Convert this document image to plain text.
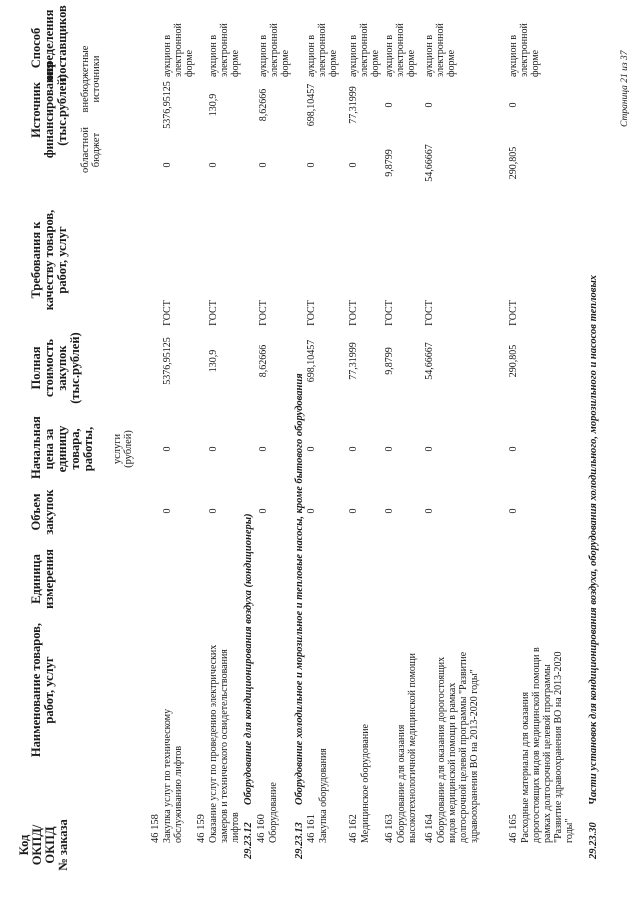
Код ОКПД/ ОКПД № заказа
Наименование товаров, работ, услуг
Единица измерения
Объем закупок
Начальная цена за единицу товара, работы, услуги (рублей)
Полная стоимость закупок (тыс.рублей)
Требования к качеству товаров, работ, услуг
Источник финансирования (тыс.рублей)
областной бюджет
внебюджетные источники
Способ определения поставщиков
46 158 Закупка услуг по техническому обслуживанию лифтов
0
0
5376,95125
ГОСТ
0
5376,95125
аукцион в электронной форме
46 159 Оказание услуг по проведению электрических замеров и технического освидетельствования лифтов
0
0
130,9
ГОСТ
0
130,9
аукцион в электронной форме
29.23.12
Оборудование для кондиционирования воздуха (кондиционеры)
46 160 Оборудование
0
0
8,62666
ГОСТ
0
8,62666
аукцион в электронной форме
29.23.13
Оборудование холодильное и морозильное и тепловые насосы, кроме бытового оборудования
46 161 Закупка оборудования
0
0
698,10457
ГОСТ
0
698,10457
аукцион в электронной форме
46 162 Медицинское оборудование
0
0
77,31999
ГОСТ
0
77,31999
аукцион в электронной форме
46 163 Оборудование для оказания высокотехнологичной медицинской помощи
0
0
9,8799
ГОСТ
9,8799
0
аукцион в электронной форме
46 164 Оборудование для оказания дорогостоящих видов медицинской помощи в рамках долгосрочной целевой программы "Развитие здравоохранения ВО на 2013-2020 годы"
0
0
54,66667
ГОСТ
54,66667
0
аукцион в электронной форме
46 165 Расходные материалы для оказания дорогостоящих видов медицинской помощи в рамках долгосрочной целевой программы "Развитие здравоохранения ВО на 2013-2020 годы"
0
0
290,805
ГОСТ
290,805
0
аукцион в электронной форме
29.23.30
Части установок для кондиционирования воздуха, оборудования холодильного, морозильного и насосов тепловых
Страница 21 из 37
